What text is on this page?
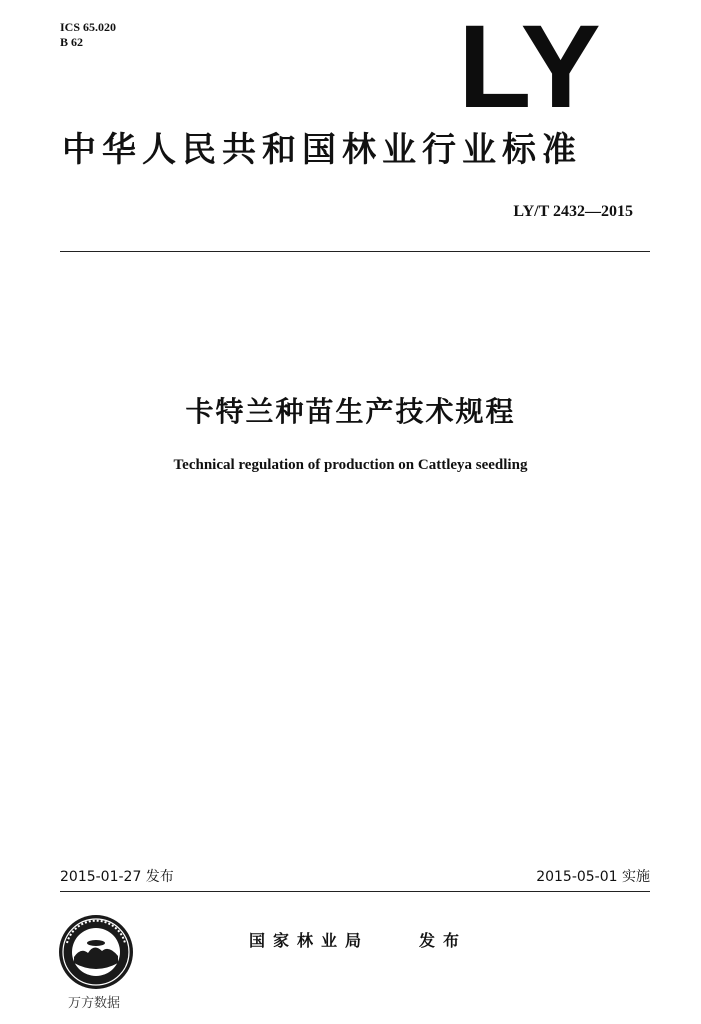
ICS 65.020
B 62	LY
中华人民共和国林业行业标准
LY/T 2432—2015
卡特兰种苗生产技术规程
Technical regulation of production on Cattleya seedling
2015-01-27 发布	2015-05-01 实施
国家林业局	发布
万方数据
